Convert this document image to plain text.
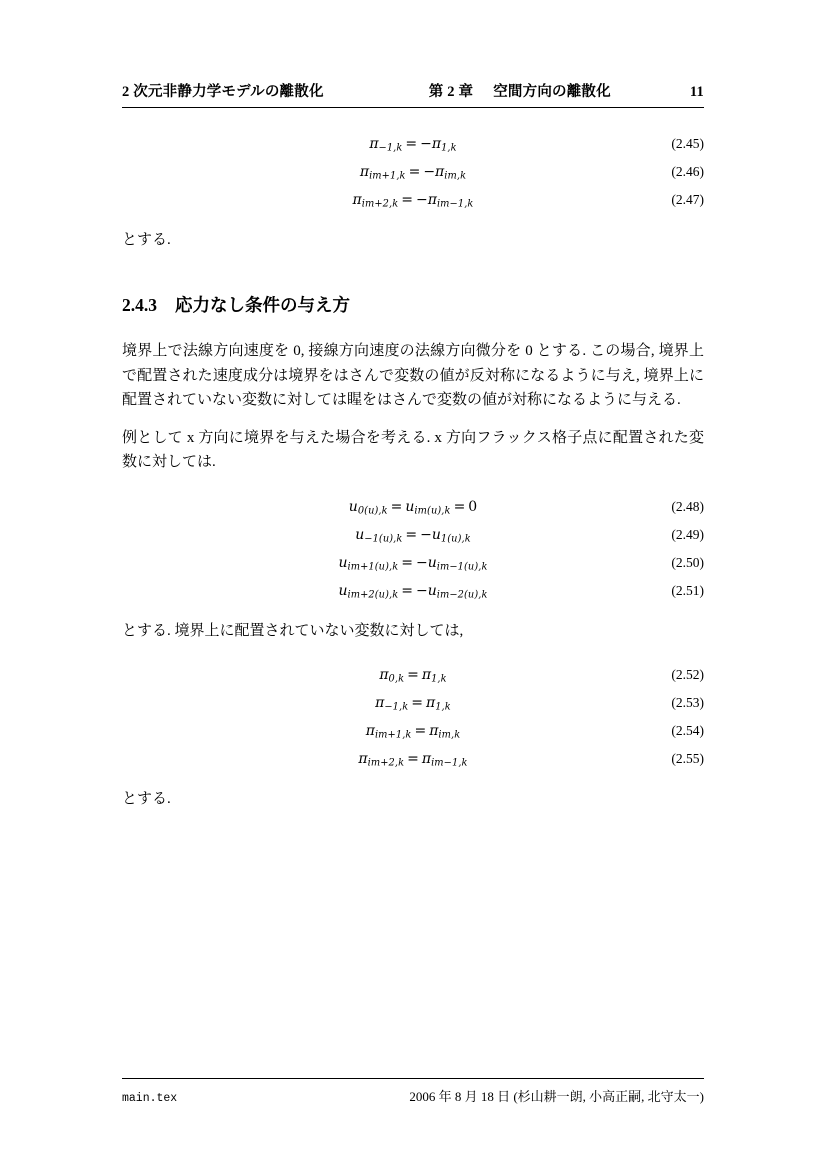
2 次元非静力学モデルの離散化	第 2 章 空間方向の離散化	11
$\pi_{-1,k} = -\pi_{1,k}$	(2.45)
$\pi_{im+1,k} = -\pi_{im,k}$	(2.46)
$\pi_{im+2,k} = -\pi_{im-1,k}$	(2.47)

とする.

2.4.3 応力なし条件の与え方

境界上で法線方向速度を 0, 接線方向速度の法線方向微分を 0 とする. この場合, 境界上で配置された速度成分は境界をはさんで変数の値が反対称になるように与え, 境界上に配置されていない変数に対しては睲をはさんで変数の値が対称になるように与える.

例として x 方向に境界を与えた場合を考える. x 方向フラックス格子点に配置された変数に対しては.

$u_{0(u),k} = u_{im(u),k} = 0$	(2.48)
$u_{-1(u),k} = -u_{1(u),k}$	(2.49)
$u_{im+1(u),k} = -u_{im-1(u),k}$	(2.50)
$u_{im+2(u),k} = -u_{im-2(u),k}$	(2.51)

とする. 境界上に配置されていない変数に対しては,

$\pi_{0,k} = \pi_{1,k}$	(2.52)
$\pi_{-1,k} = \pi_{1,k}$	(2.53)
$\pi_{im+1,k} = \pi_{im,k}$	(2.54)
$\pi_{im+2,k} = \pi_{im-1,k}$	(2.55)

とする.

main.tex	2006 年 8 月 18 日 (杉山耕一朗, 小高正嗣, 北守太一)
